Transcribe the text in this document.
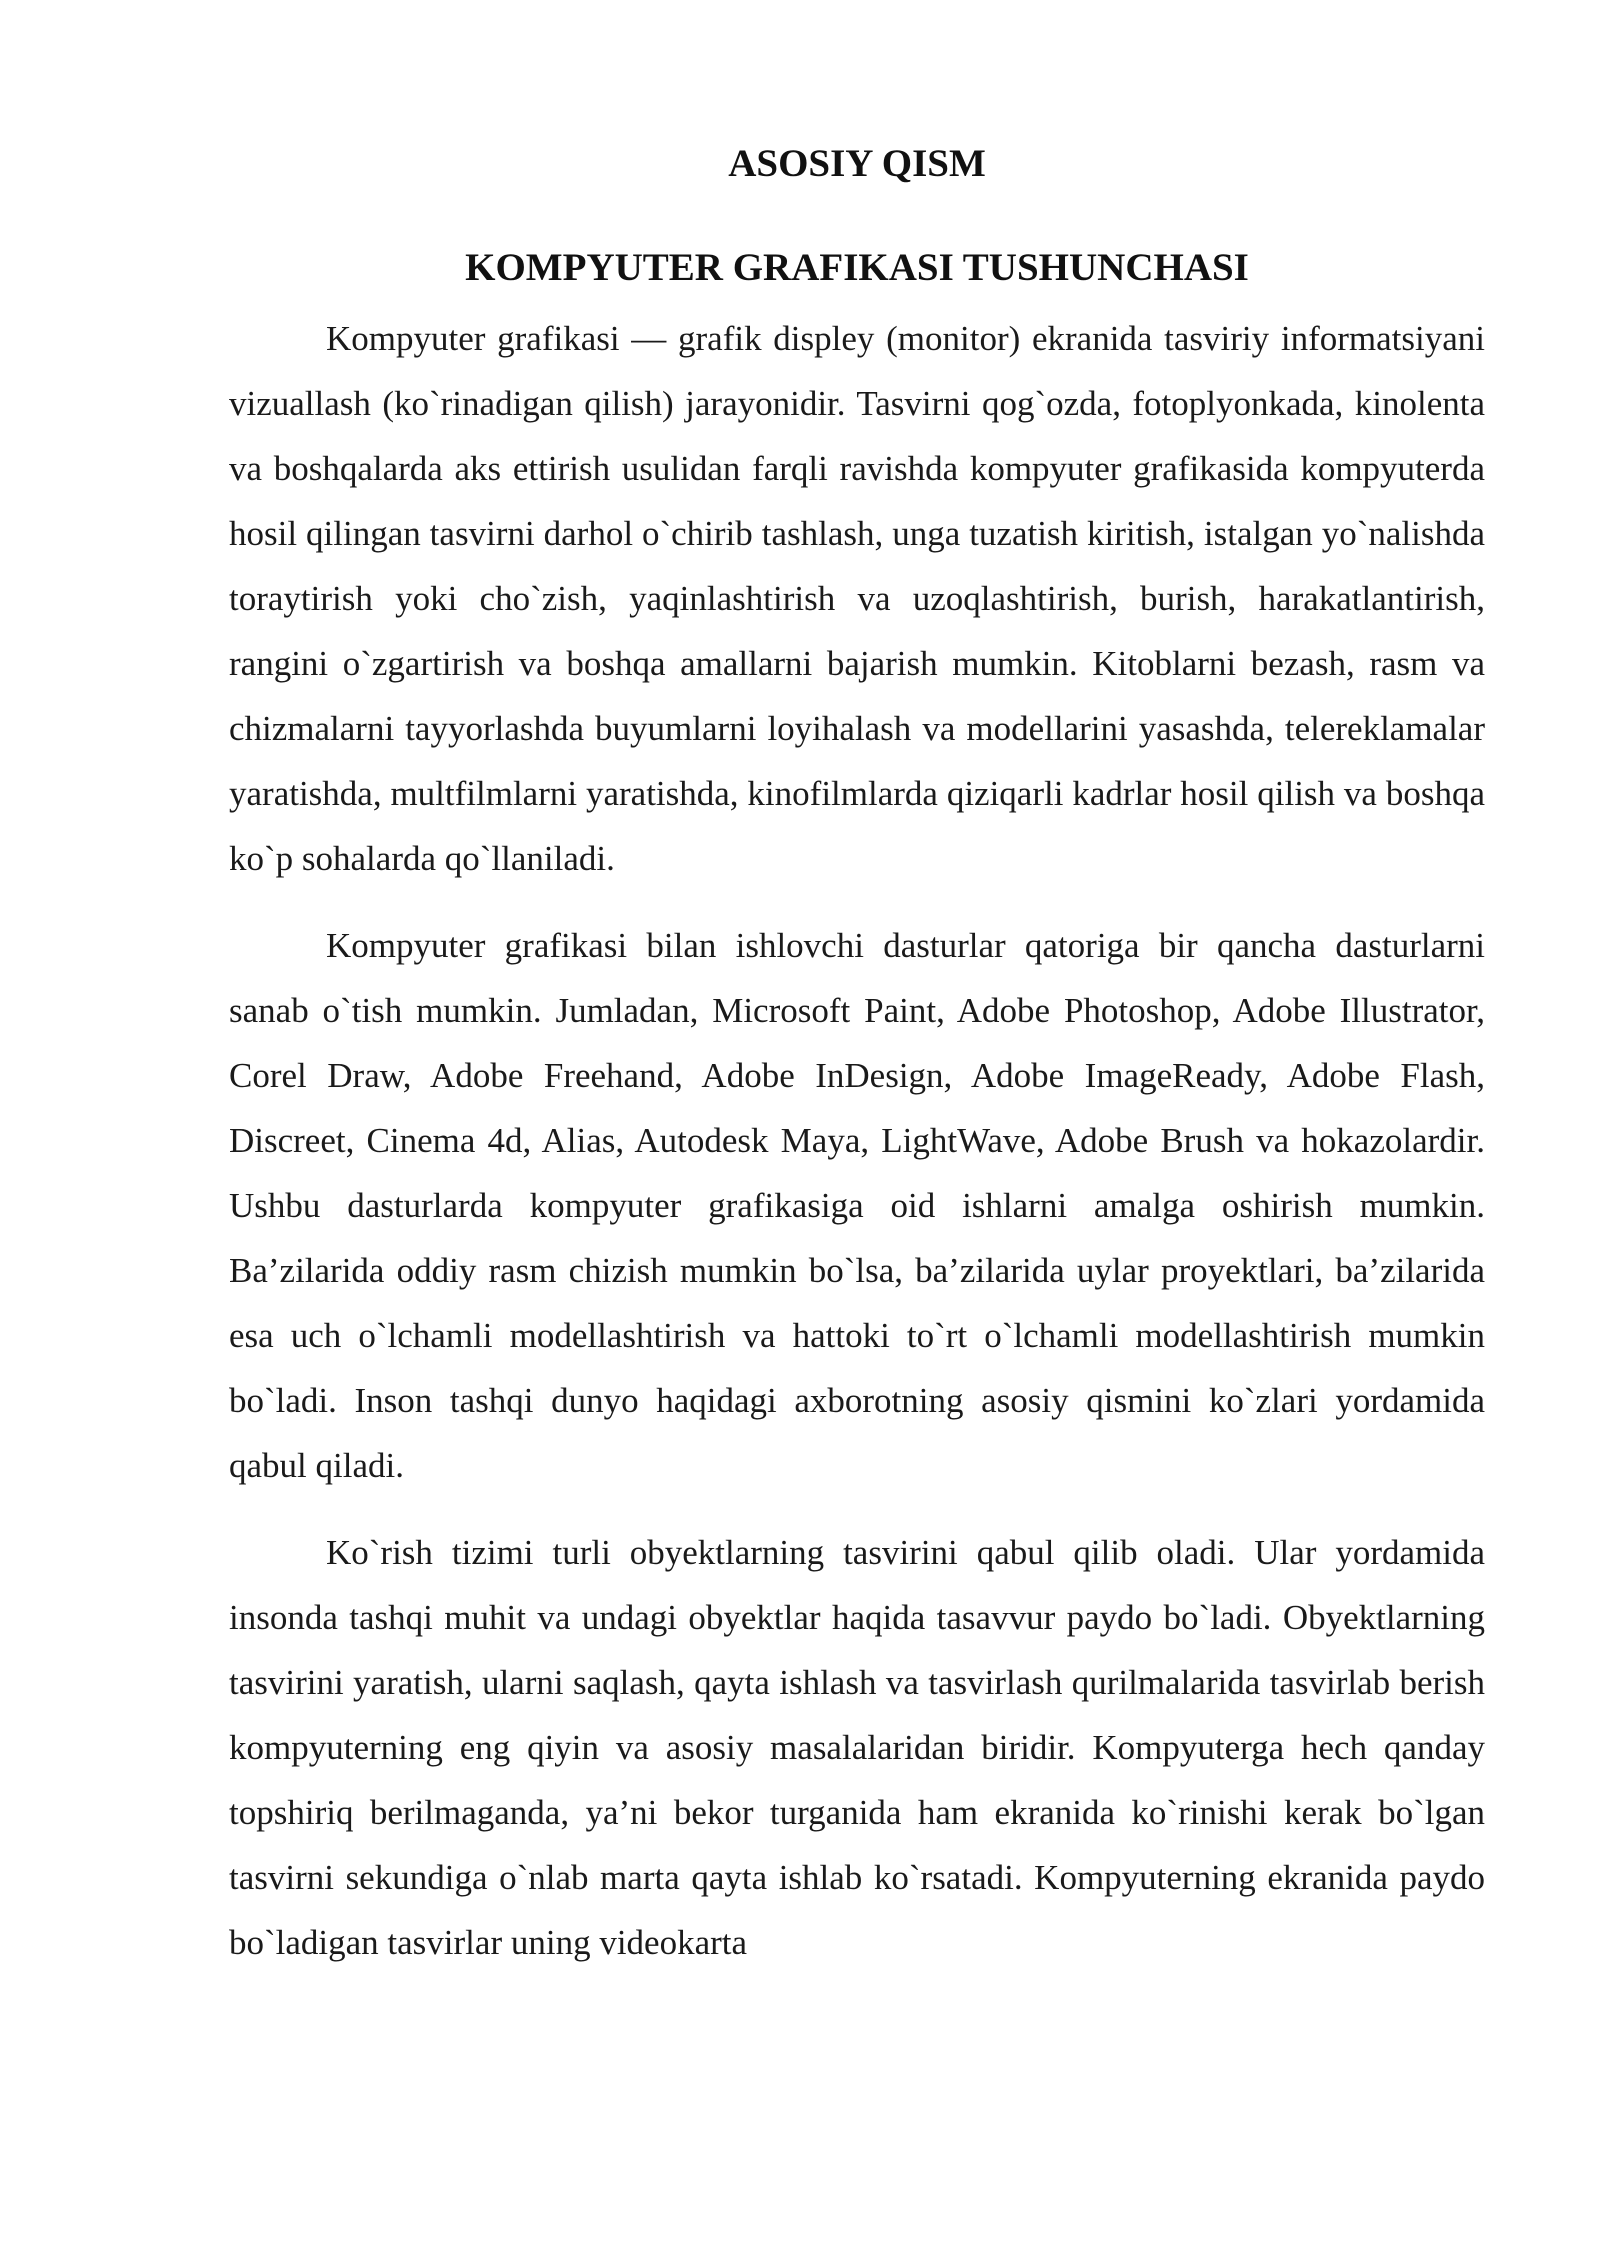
ASOSIY QISM
KOMPYUTER GRAFIKASI TUSHUNCHASI

Kompyuter grafikasi — grafik displey (monitor) ekranida tasviriy informatsiyani vizuallash (ko`rinadigan qilish) jarayonidir. Tasvirni qog`ozda, fotoplyonkada, kinolenta va boshqalarda aks ettirish usulidan farqli ravishda kompyuter grafikasida kompyuterda hosil qilingan tasvirni darhol o`chirib tashlash, unga tuzatish kiritish, istalgan yo`nalishda toraytirish yoki cho`zish, yaqinlashtirish va uzoqlashtirish, burish, harakatlantirish, rangini o`zgartirish va boshqa amallarni bajarish mumkin. Kitoblarni bezash, rasm va chizmalarni tayyorlashda buyumlarni loyihalash va modellarini yasashda, telereklamalar yaratishda, multfilmlarni yaratishda, kinofilmlarda qiziqarli kadrlar hosil qilish va boshqa ko`p sohalarda qo`llaniladi.

Kompyuter grafikasi bilan ishlovchi dasturlar qatoriga bir qancha dasturlarni sanab o`tish mumkin. Jumladan, Microsoft Paint, Adobe Photoshop, Adobe Illustrator, Corel Draw, Adobe Freehand, Adobe InDesign, Adobe ImageReady, Adobe Flash, Discreet, Cinema 4d, Alias, Autodesk Maya, LightWave, Adobe Brush va hokazolardir. Ushbu dasturlarda kompyuter grafikasiga oid ishlarni amalga oshirish mumkin. Ba’zilarida oddiy rasm chizish mumkin bo`lsa, ba’zilarida uylar proyektlari, ba’zilarida esa uch o`lchamli modellashtirish va hattoki to`rt o`lchamli modellashtirish mumkin bo`ladi. Inson tashqi dunyo haqidagi axborotning asosiy qismini ko`zlari yordamida qabul qiladi.

Ko`rish tizimi turli obyektlarning tasvirini qabul qilib oladi. Ular yordamida insonda tashqi muhit va undagi obyektlar haqida tasavvur paydo bo`ladi. Obyektlarning tasvirini yaratish, ularni saqlash, qayta ishlash va tasvirlash qurilmalarida tasvirlab berish kompyuterning eng qiyin va asosiy masalalaridan biridir. Kompyuterga hech qanday topshiriq berilmaganda, ya’ni bekor turganida ham ekranida ko`rinishi kerak bo`lgan tasvirni sekundiga o`nlab marta qayta ishlab ko`rsatadi. Kompyuterning ekranida paydo bo`ladigan tasvirlar uning videokarta
